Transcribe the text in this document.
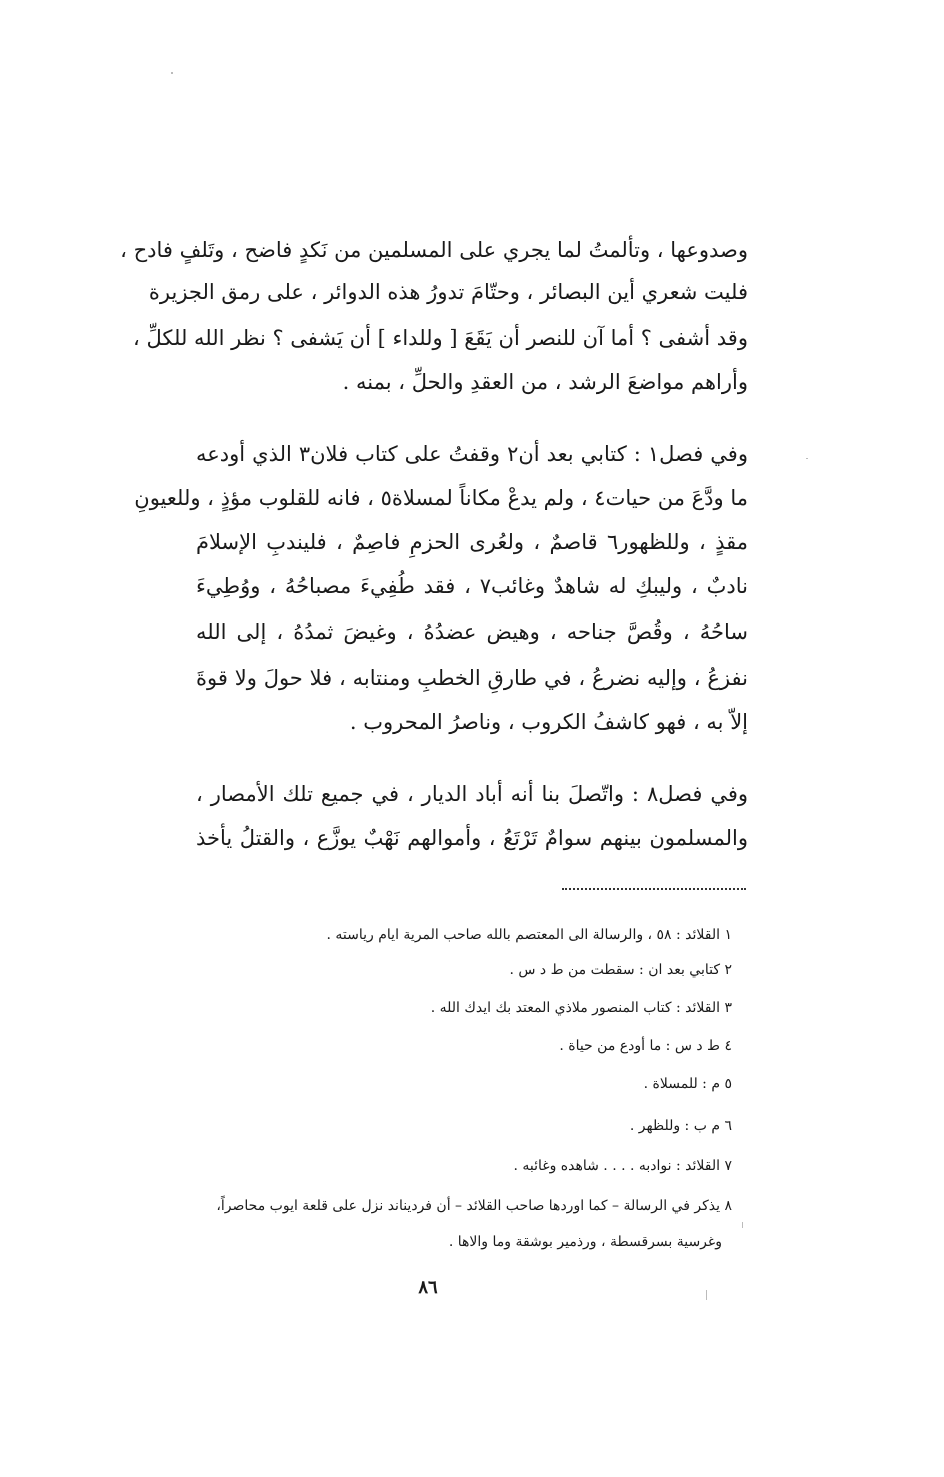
وصدوعها ، وتألمتُ لما يجري على المسلمين من نَكدٍ فاضح ، وتَلفٍ فادح ،
فليت شعري أين البصائر ، وحتّامَ تدورُ هذه الدوائر ، على رمق الجزيرة
وقد أشفى ؟ أما آن للنصر أن يَقَعَ [ وللداء ] أن يَشفى ؟ نظر الله للكلِّ ،
وأراهم مواضعَ الرشد ، من العقدِ والحلِّ ، بمنه .
وفي فصل١ : كتابي بعد أن٢ وقفتُ على كتاب فلان٣ الذي أودعه
ما ودَّعَ من حيات٤ ، ولم يدعْ مكاناً لمسلاة٥ ، فانه للقلوب مؤذٍ ، وللعيونِ
مقذٍ ، وللظهور٦ قاصمٌ ، ولعُرى الحزمِ فاصِمٌ ، فليندبِ الإسلامَ
نادبٌ ، وليبكِ له شاهدٌ وغائب٧ ، فقد طُفِيءَ مصباحُهُ ، ووُطِيءَ
ساحُهُ ، وقُصَّ جناحه ، وهيض عضدُهُ ، وغيضَ ثمدُهُ ، إلى الله
نفزعُ ، وإليه نضرعُ ، في طارقِ الخطبِ ومنتابه ، فلا حولَ ولا قوةَ
إلاّ به ، فهو كاشفُ الكروب ، وناصرُ المحروب .
وفي فصل٨ : واتّصلَ بنا أنه أباد الديار ، في جميع تلك الأمصار ،
والمسلمون بينهم سوامٌ تَرْتَعُ ، وأموالهم نَهْبٌ يوزَّع ، والقتلُ يأخذ
١ القلائد : ٥٨ ، والرسالة الى المعتصم بالله صاحب المرية ايام رياسته .
٢ كتابي بعد ان : سقطت من ط د س .
٣ القلائد : كتاب المنصور ملاذي المعتد بك ايدك الله .
٤ ط د س : ما أودع من حياة .
٥ م : للمسلاة .
٦ م ب : وللظهر .
٧ القلائد : نوادبه . . . . شاهده وغائبه .
٨ يذكر في الرسالة – كما اوردها صاحب القلائد – أن فرديناند نزل على قلعة ايوب محاصراً،
وغرسية بسرقسطة ، ورذمير بوشقة وما والاها .
٨٦
